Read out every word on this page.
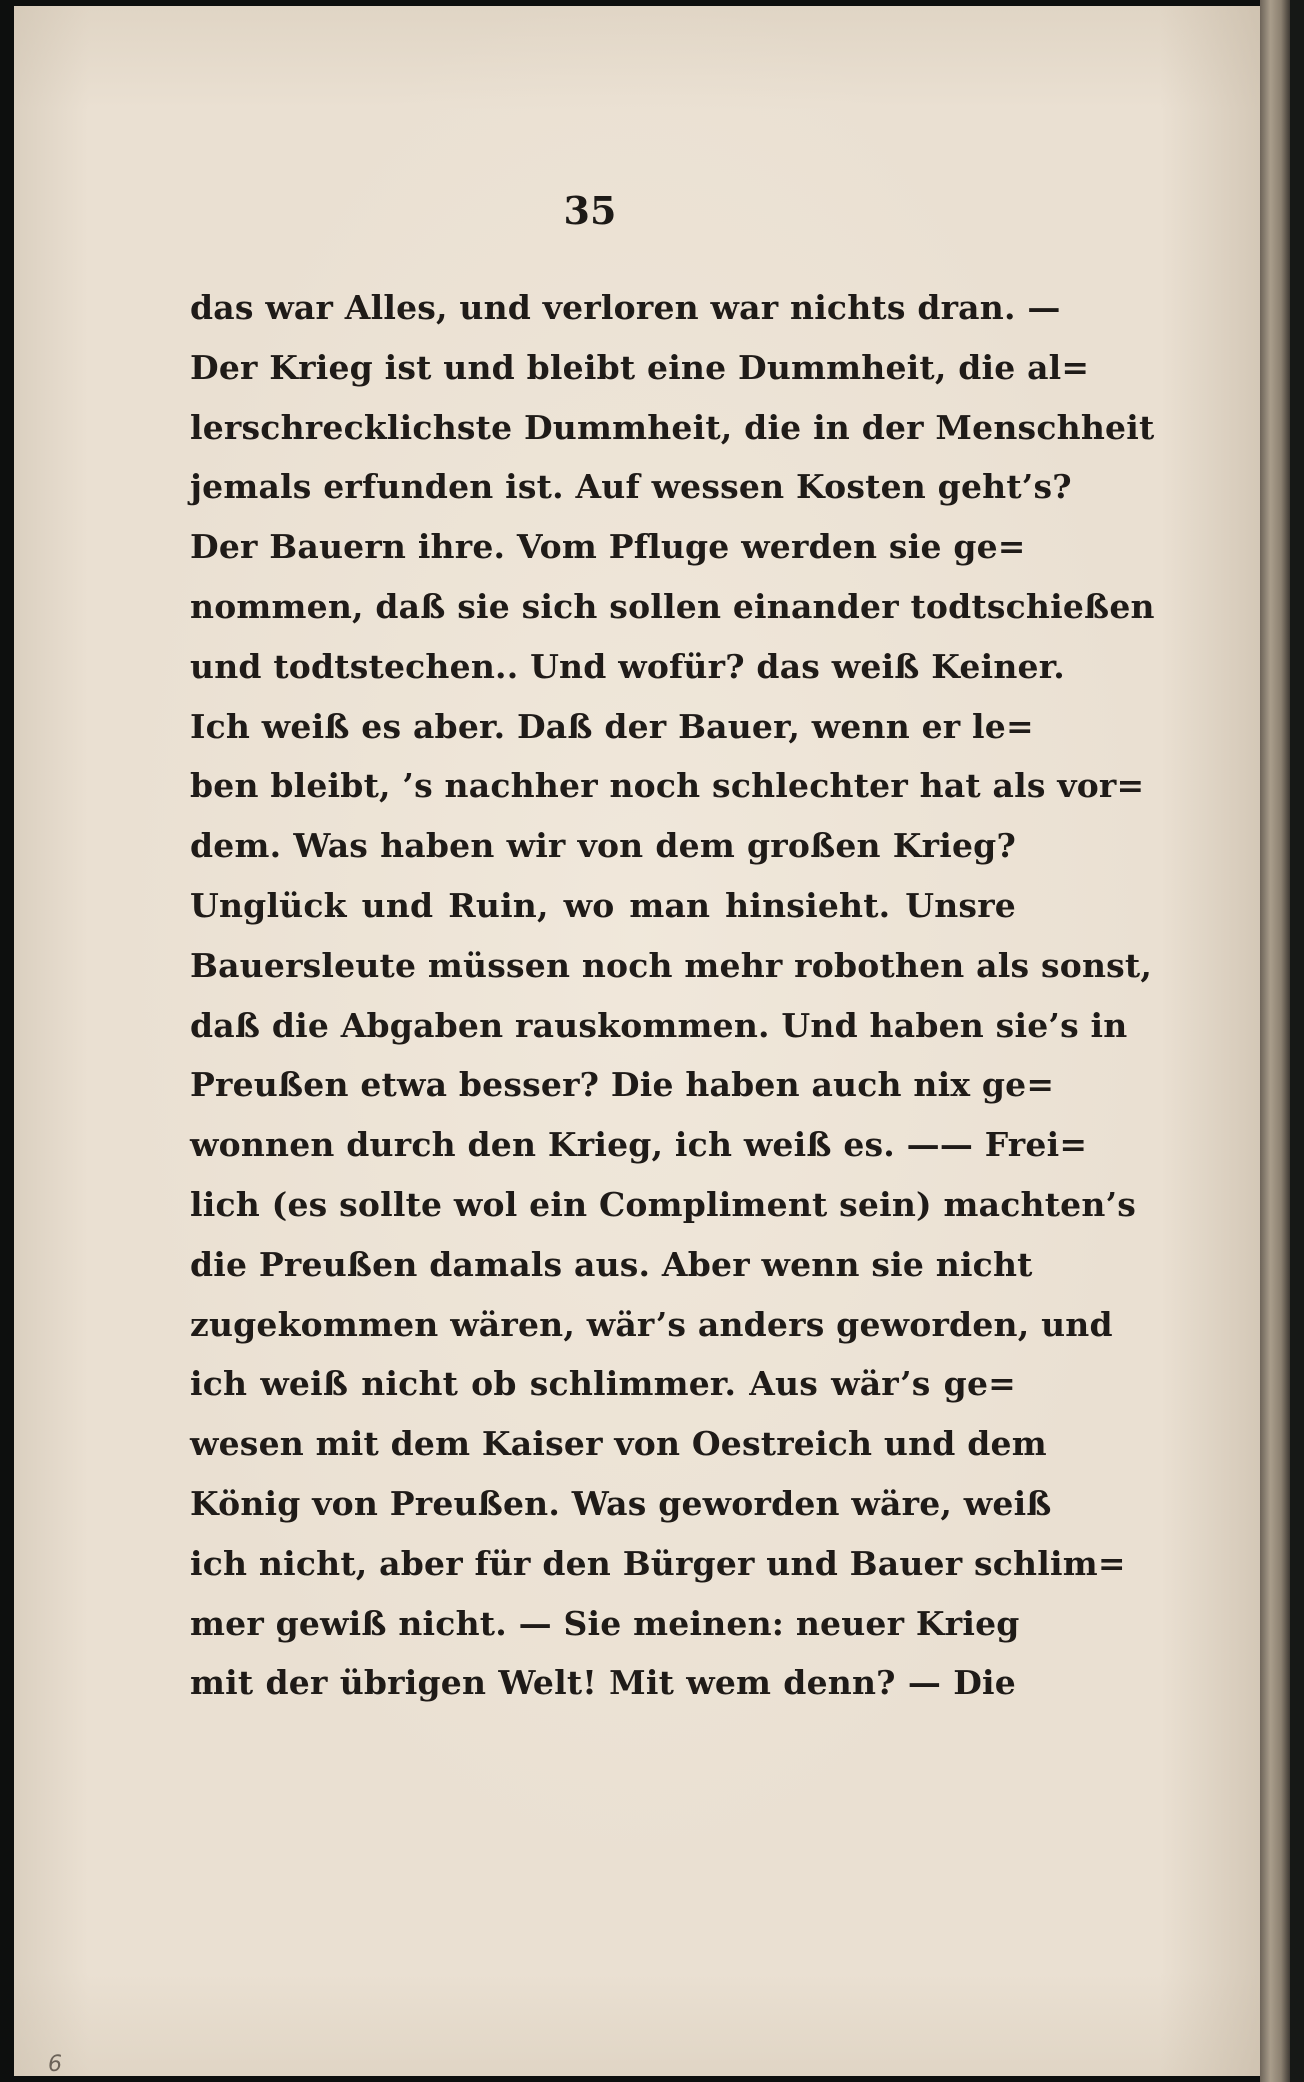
35
das war Alles, und verloren war nichts dran. —
Der Krieg ist und bleibt eine Dummheit, die al=
lerschrecklichste Dummheit, die in der Menschheit
jemals erfunden ist. Auf wessen Kosten geht’s?
Der Bauern ihre. Vom Pfluge werden sie ge=
nommen, daß sie sich sollen einander todtschießen
und todtstechen.. Und wofür? das weiß Keiner.
Ich weiß es aber. Daß der Bauer, wenn er le=
ben bleibt, ’s nachher noch schlechter hat als vor=
dem. Was haben wir von dem großen Krieg?
Unglück und Ruin, wo man hinsieht. Unsre
Bauersleute müssen noch mehr robothen als sonst,
daß die Abgaben rauskommen. Und haben sie’s in
Preußen etwa besser? Die haben auch nix ge=
wonnen durch den Krieg, ich weiß es. —— Frei=
lich (es sollte wol ein Compliment sein) machten’s
die Preußen damals aus. Aber wenn sie nicht
zugekommen wären, wär’s anders geworden, und
ich weiß nicht ob schlimmer. Aus wär’s ge=
wesen mit dem Kaiser von Oestreich und dem
König von Preußen. Was geworden wäre, weiß
ich nicht, aber für den Bürger und Bauer schlim=
mer gewiß nicht. — Sie meinen: neuer Krieg
mit der übrigen Welt! Mit wem denn? — Die
6
